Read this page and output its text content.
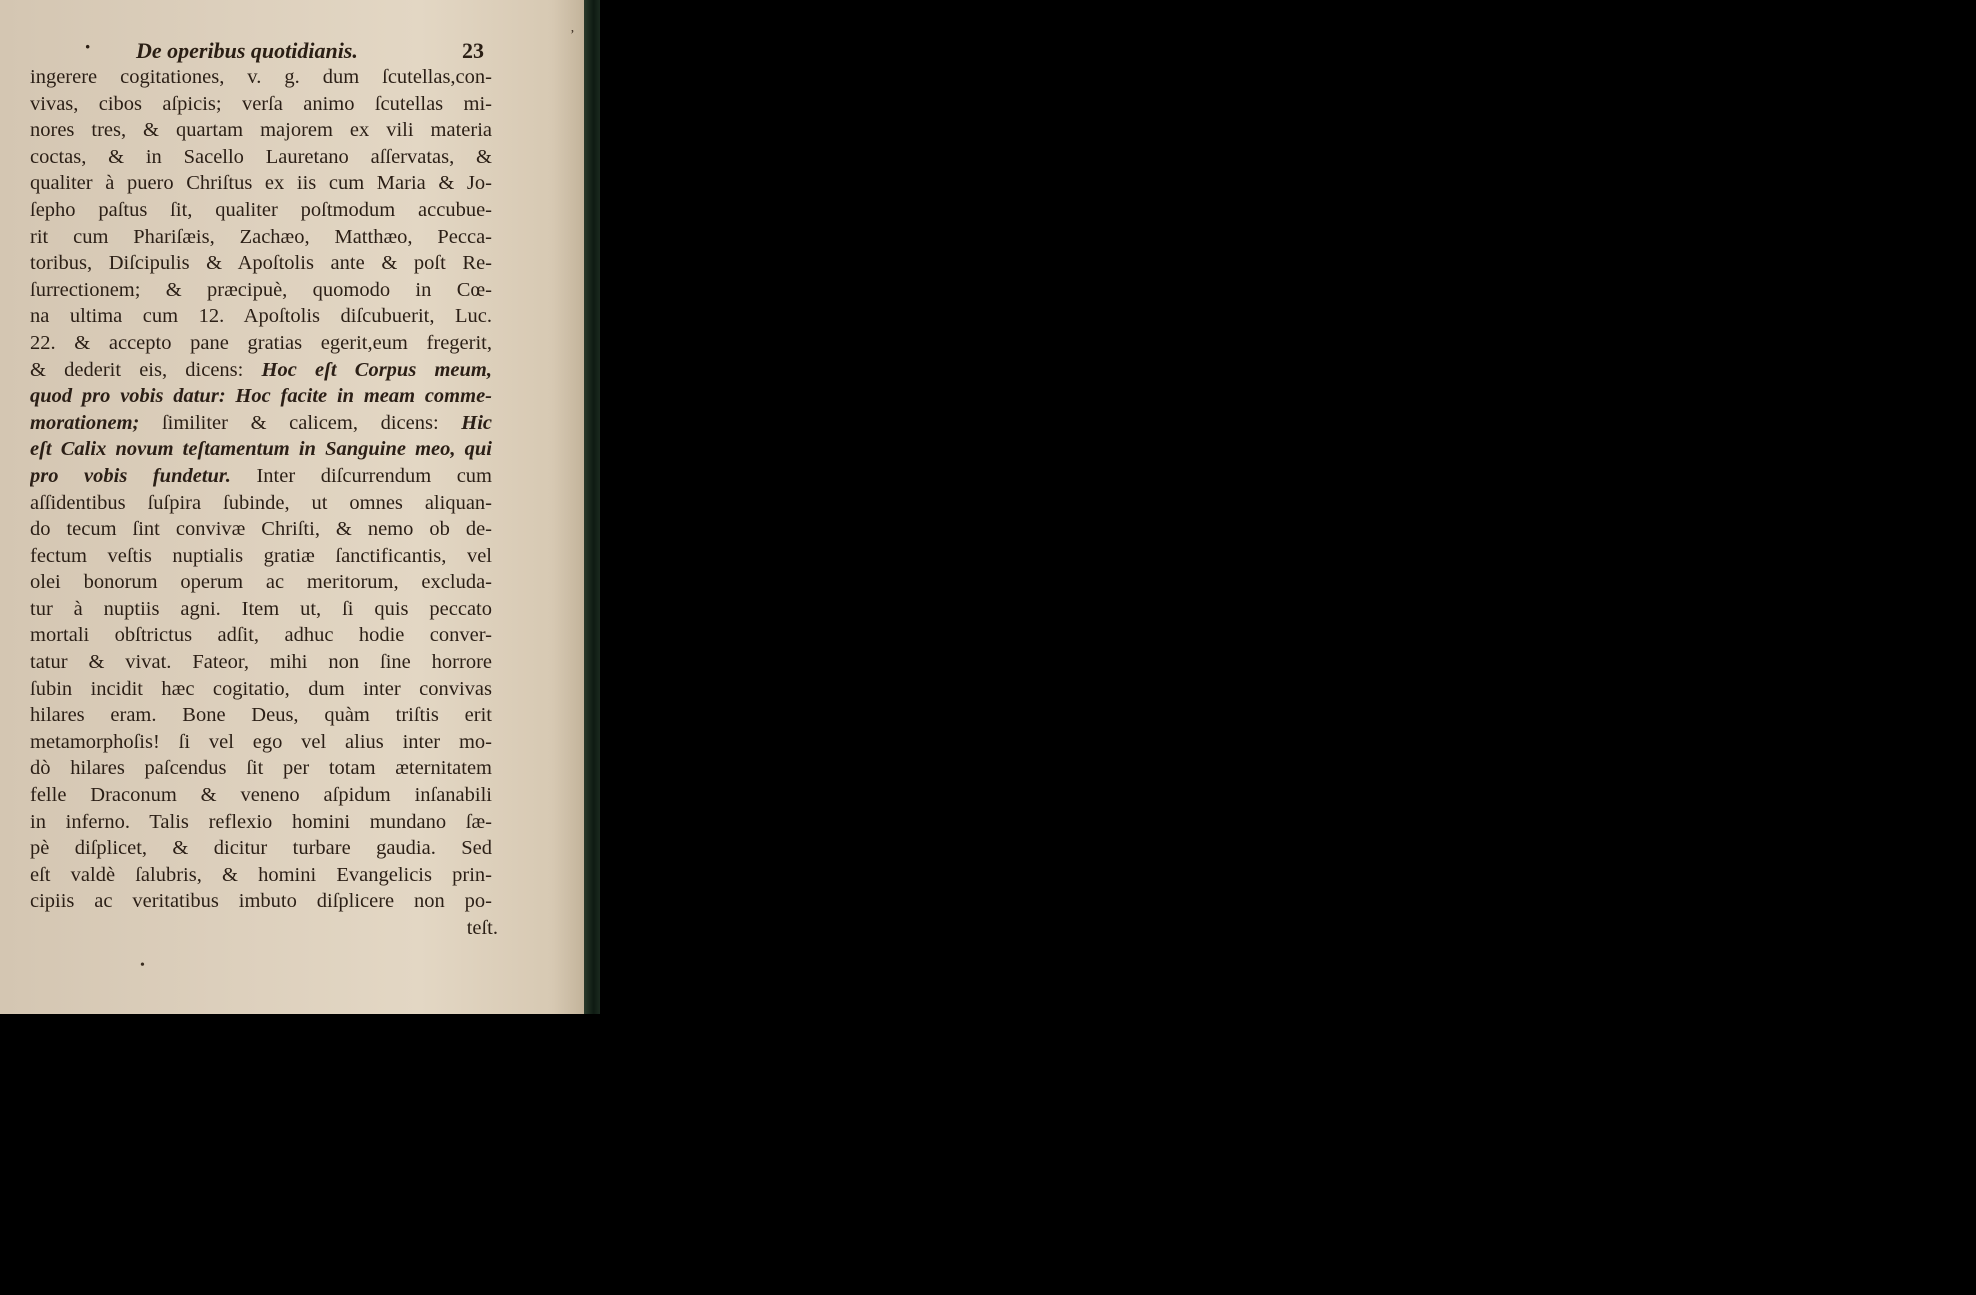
· De operibus quotidianis.	23
ingerere cogitationes, v. g. dum ſcutellas,con-
vivas, cibos aſpicis; verſa animo ſcutellas mi-
nores tres, & quartam majorem ex vili materia
coctas, & in Sacello Lauretano aſſervatas, &
qualiter à puero Chriſtus ex iis cum Maria & Jo-
ſepho paſtus ſit, qualiter poſtmodum accubue-
rit cum Phariſæis, Zachæo, Matthæo, Pecca-
toribus, Diſcipulis & Apoſtolis ante & poſt Re-
ſurrectionem; & præcipuè, quomodo in Cœ-
na ultima cum 12. Apoſtolis diſcubuerit, Luc.
22. & accepto pane gratias egerit,eum fregerit,
& dederit eis, dicens: Hoc eſt Corpus meum,
quod pro vobis datur: Hoc facite in meam comme-
morationem; ſimiliter & calicem, dicens: Hic
eſt Calix novum teſtamentum in Sanguine meo, qui
pro vobis fundetur. Inter diſcurrendum cum
aſſidentibus ſuſpira ſubinde, ut omnes aliquan-
do tecum ſint convivæ Chriſti, & nemo ob de-
fectum veſtis nuptialis gratiæ ſanctificantis, vel
olei bonorum operum ac meritorum, excluda-
tur à nuptiis agni. Item ut, ſi quis peccato
mortali obſtrictus adſit, adhuc hodie conver-
tatur & vivat. Fateor, mihi non ſine horrore
ſubin incidit hæc cogitatio, dum inter convivas
hilares eram. Bone Deus, quàm triſtis erit
metamorphoſis! ſi vel ego vel alius inter mo-
dò hilares paſcendus ſit per totam æternitatem
felle Draconum & veneno aſpidum inſanabili
in inferno. Talis reflexio homini mundano ſæ-
pè diſplicet, & dicitur turbare gaudia. Sed
eſt valdè ſalubris, & homini Evangelicis prin-
cipiis ac veritatibus imbuto diſplicere non po-
teſt.
•
ʼ
